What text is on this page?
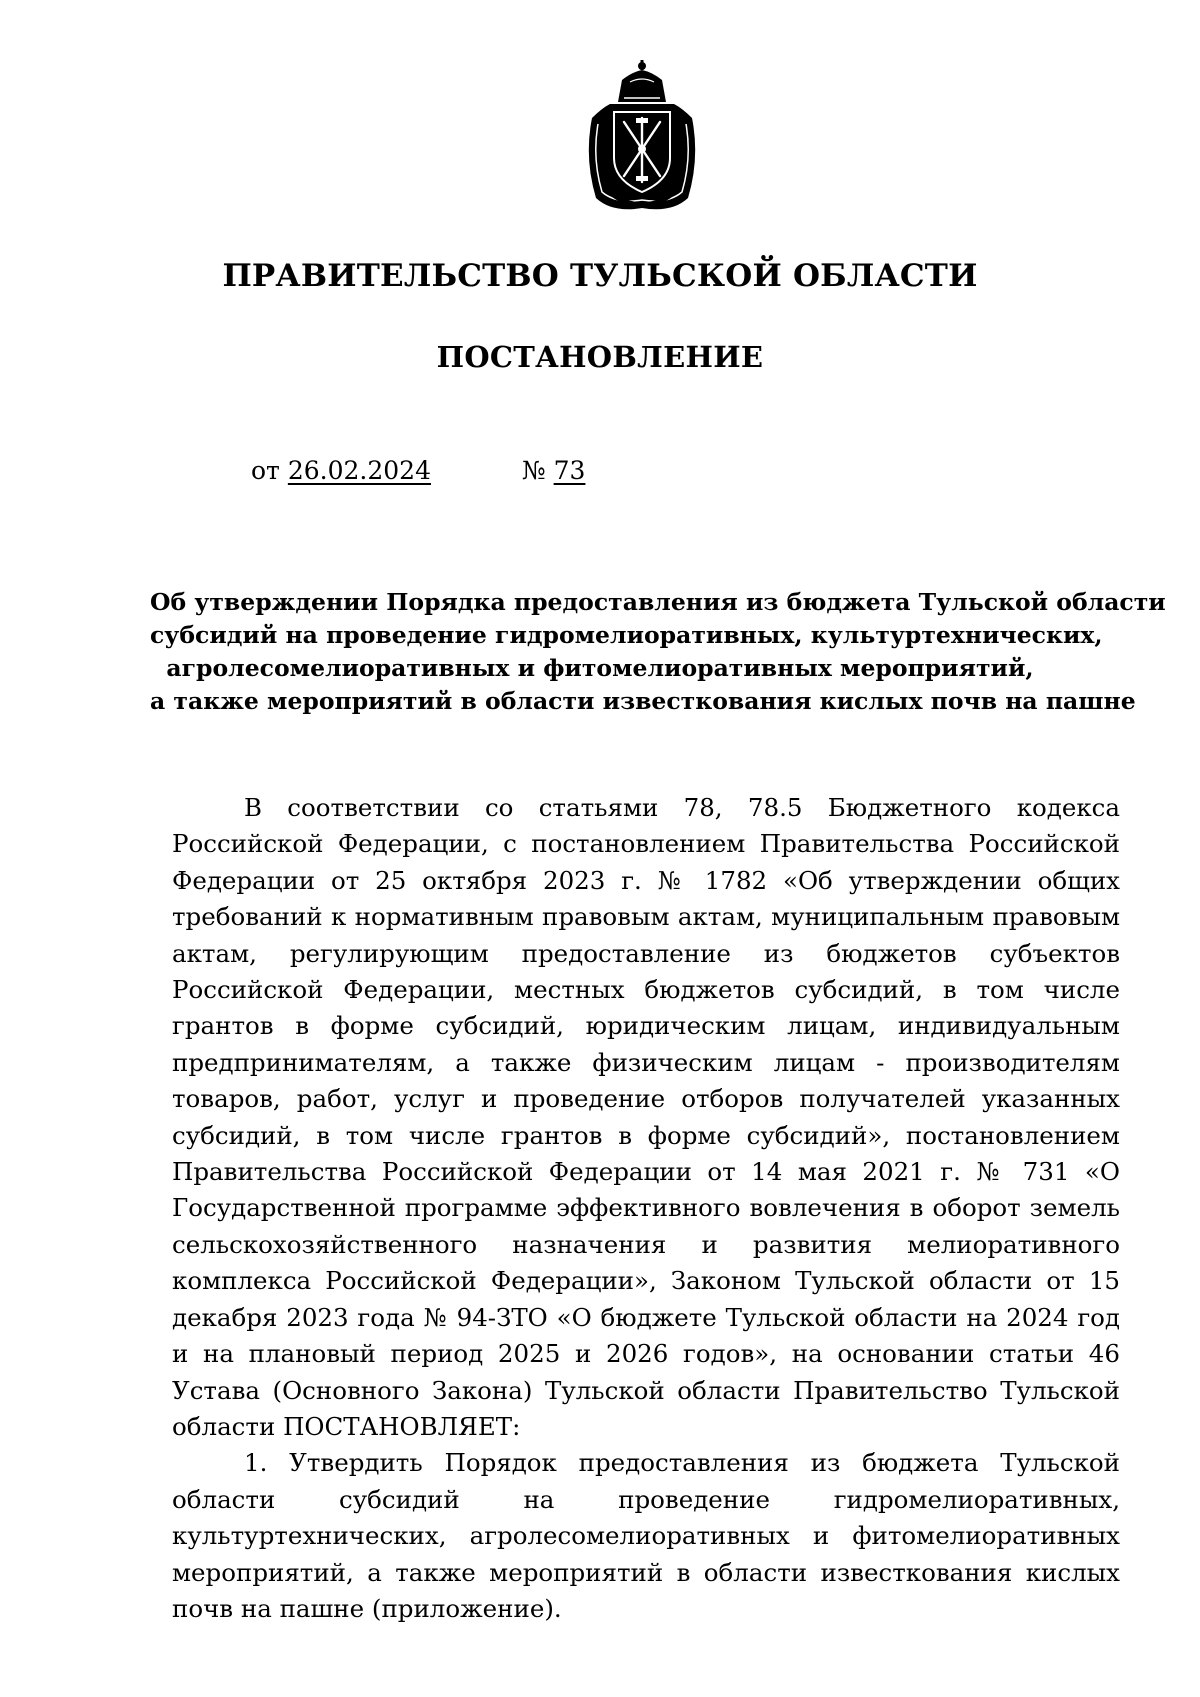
ПРАВИТЕЛЬСТВО ТУЛЬСКОЙ ОБЛАСТИ
ПОСТАНОВЛЕНИЕ
от 26.02.2024	№ 73
Об утверждении Порядка предоставления из бюджета Тульской области
субсидий на проведение гидромелиоративных, культуртехнических,
агролесомелиоративных и фитомелиоративных мероприятий,
а также мероприятий в области известкования кислых почв на пашне

В соответствии со статьями 78, 78.5 Бюджетного кодекса Российской Федерации, с постановлением Правительства Российской Федерации от 25 октября 2023 г. № 1782 «Об утверждении общих требований к нормативным правовым актам, муниципальным правовым актам, регулирующим предоставление из бюджетов субъектов Российской Федерации, местных бюджетов субсидий, в том числе грантов в форме субсидий, юридическим лицам, индивидуальным предпринимателям, а также физическим лицам - производителям товаров, работ, услуг и проведение отборов получателей указанных субсидий, в том числе грантов в форме субсидий», постановлением Правительства Российской Федерации от 14 мая 2021 г. № 731 «О Государственной программе эффективного вовлечения в оборот земель сельскохозяйственного назначения и развития мелиоративного комплекса Российской Федерации», Законом Тульской области от 15 декабря 2023 года № 94-ЗТО «О бюджете Тульской области на 2024 год и на плановый период 2025 и 2026 годов», на основании статьи 46 Устава (Основного Закона) Тульской области Правительство Тульской области ПОСТАНОВЛЯЕТ:

1. Утвердить Порядок предоставления из бюджета Тульской области субсидий на проведение гидромелиоративных, культуртехнических, агролесомелиоративных и фитомелиоративных мероприятий, а также мероприятий в области известкования кислых почв на пашне (приложение).
